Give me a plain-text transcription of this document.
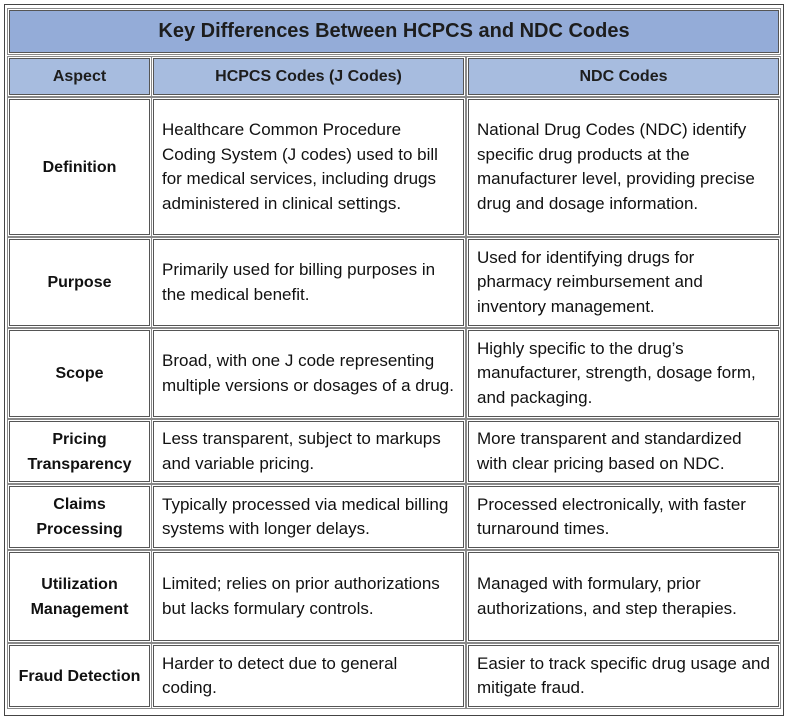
Key Differences Between HCPCS and NDC Codes
Aspect	HCPCS Codes (J Codes)	NDC Codes
Definition
Healthcare Common Procedure Coding System (J codes) used to bill for medical services, including drugs administered in clinical settings.
National Drug Codes (NDC) identify specific drug products at the manufacturer level, providing precise drug and dosage information.
Purpose
Primarily used for billing purposes in the medical benefit.
Used for identifying drugs for pharmacy reimbursement and inventory management.
Scope
Broad, with one J code representing multiple versions or dosages of a drug.
Highly specific to the drug’s manufacturer, strength, dosage form, and packaging.
Pricing Transparency
Less transparent, subject to markups and variable pricing.
More transparent and standardized with clear pricing based on NDC.
Claims Processing
Typically processed via medical billing systems with longer delays.
Processed electronically, with faster turnaround times.
Utilization Management
Limited; relies on prior authorizations but lacks formulary controls.
Managed with formulary, prior authorizations, and step therapies.
Fraud Detection
Harder to detect due to general coding.
Easier to track specific drug usage and mitigate fraud.
